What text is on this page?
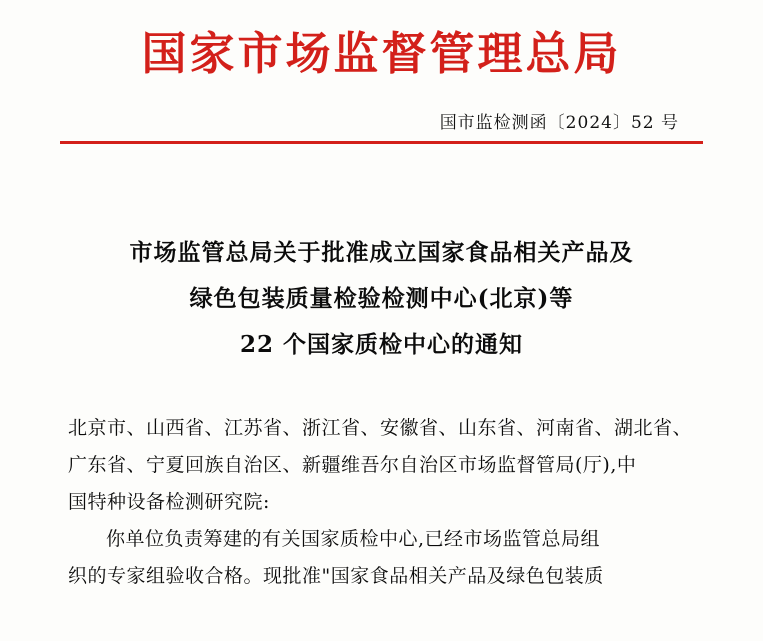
国家市场监督管理总局
国市监检测函〔2024〕52 号
市场监管总局关于批准成立国家食品相关产品及
绿色包装质量检验检测中心(北京)等
22 个国家质检中心的通知
北京市、山西省、江苏省、浙江省、安徽省、山东省、河南省、湖北省、
广东省、宁夏回族自治区、新疆维吾尔自治区市场监督管局(厅),中
国特种设备检测研究院:
你单位负责筹建的有关国家质检中心,已经市场监管总局组
织的专家组验收合格。现批准"国家食品相关产品及绿色包装质
